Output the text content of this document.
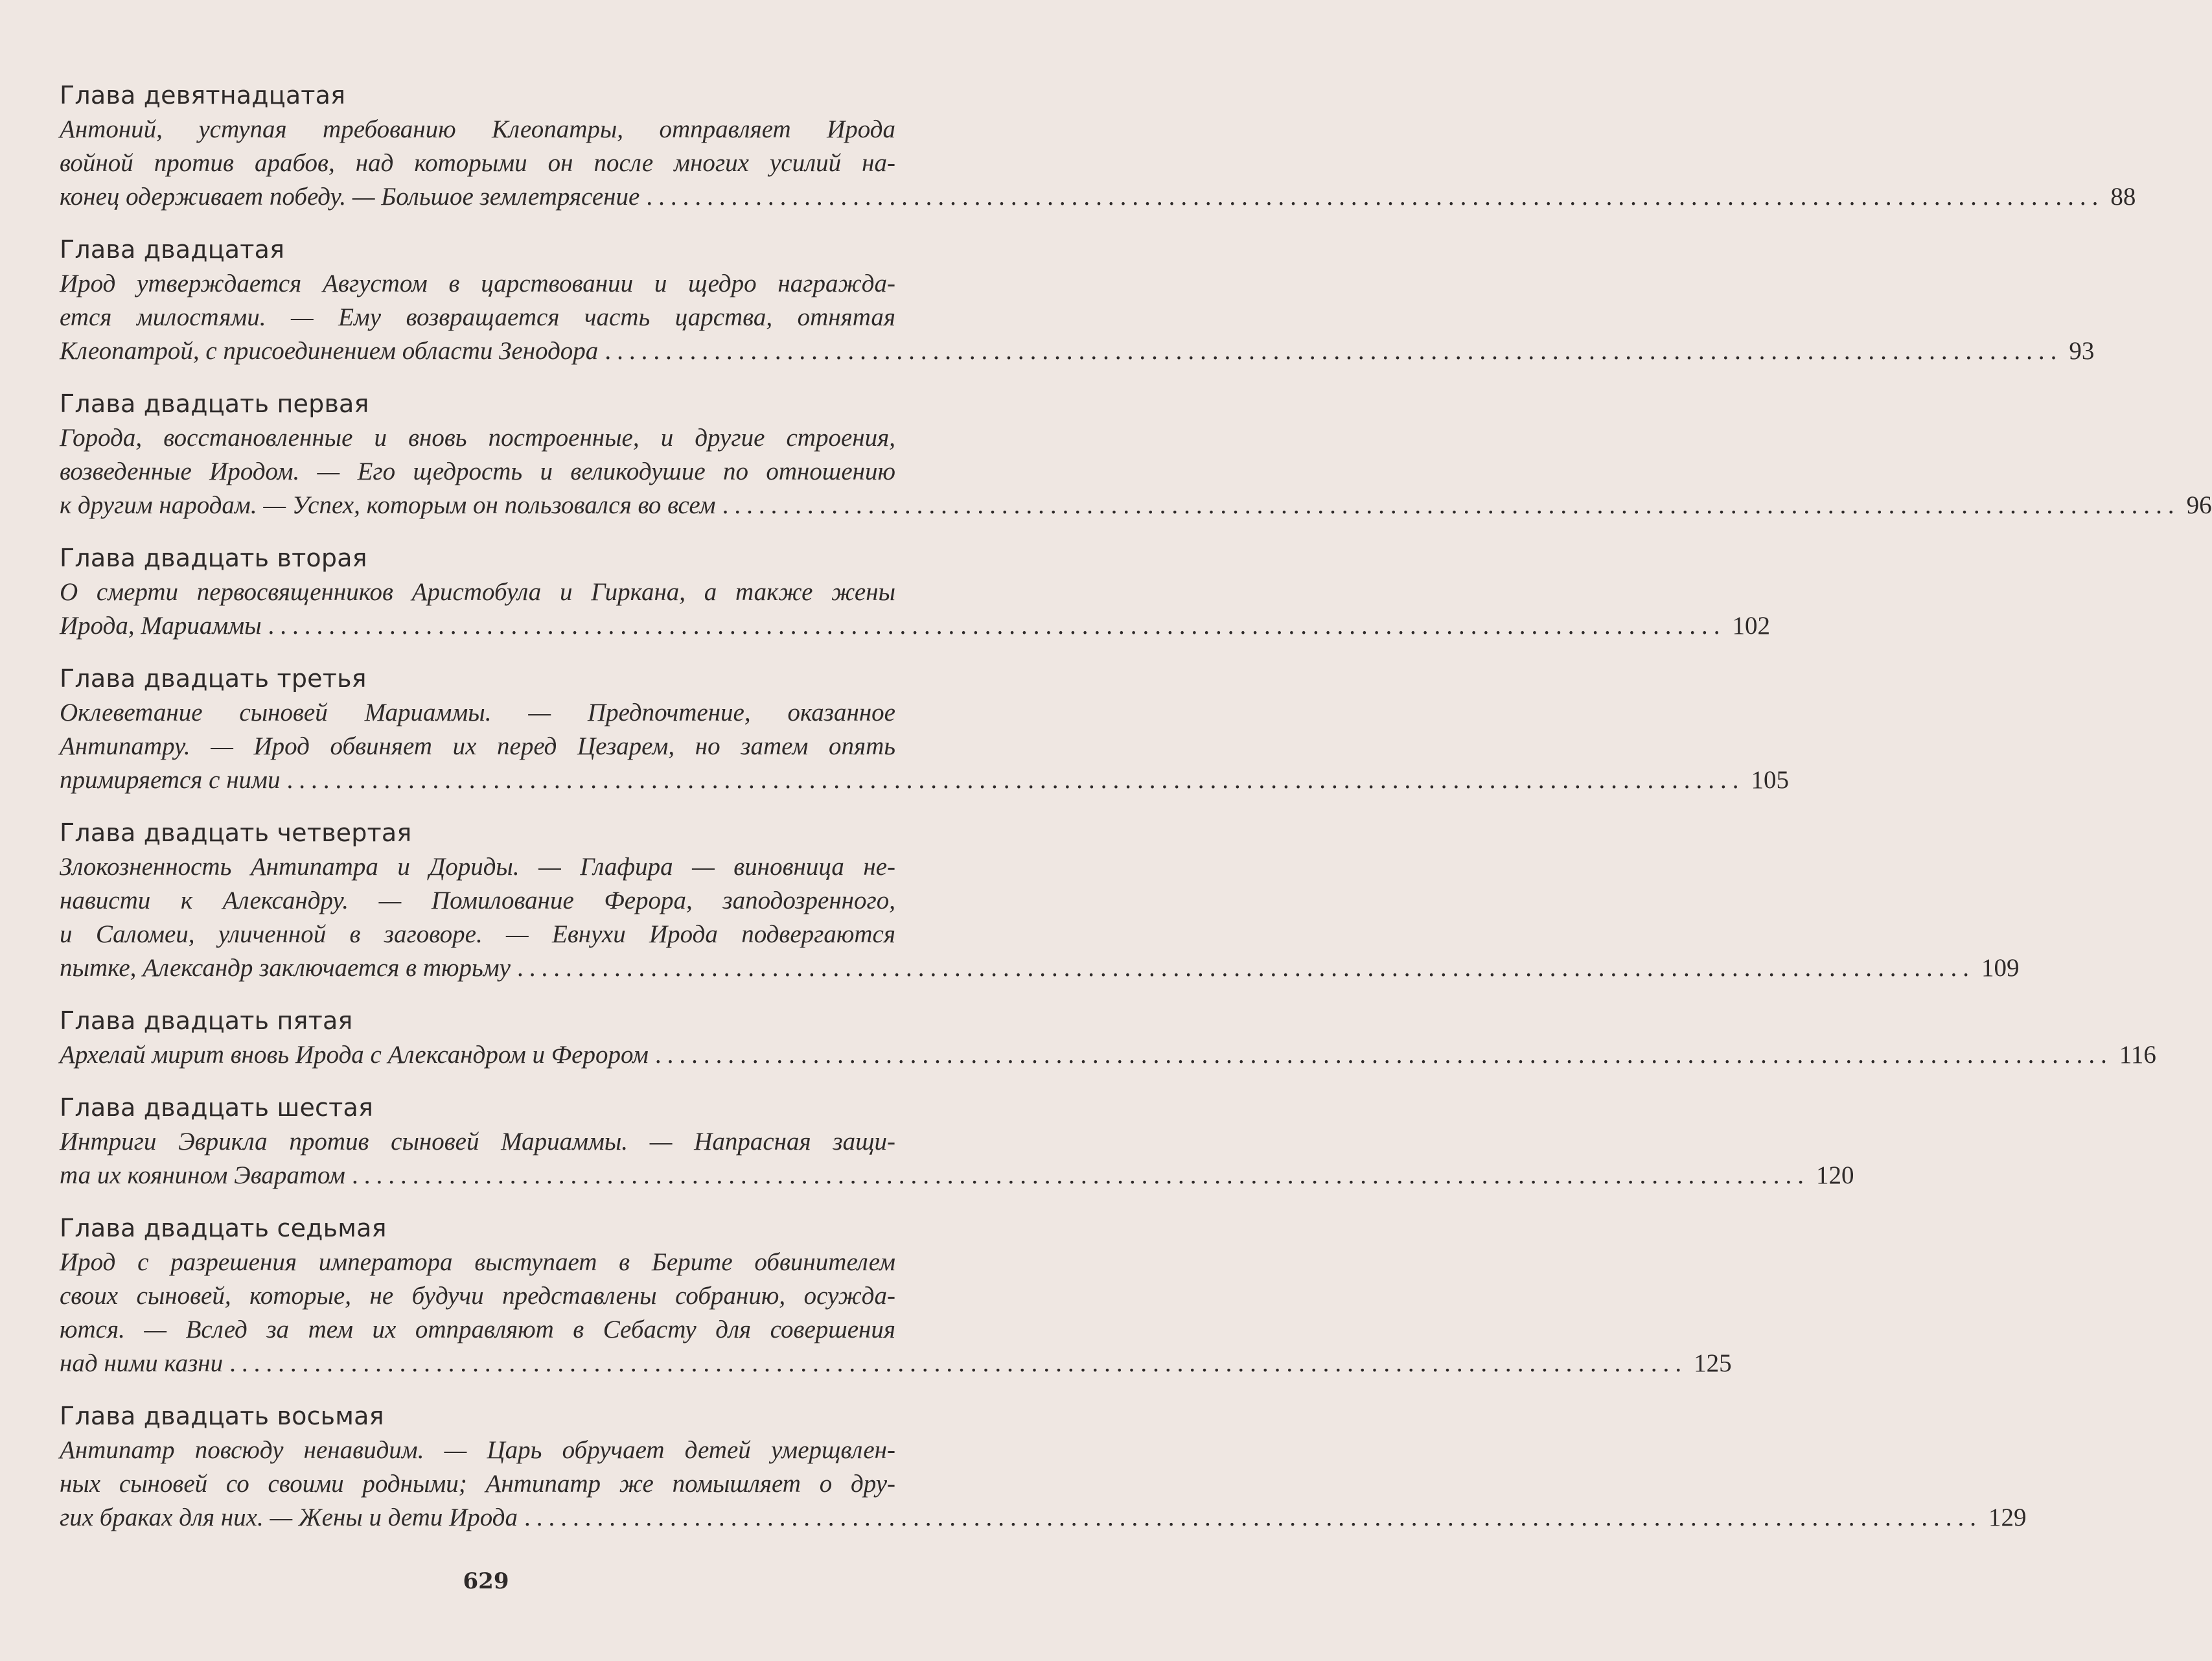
Глава девятнадцатая
Антоний, уступая требованию Клеопатры, отправляет Ирода
войной против арабов, над которыми он после многих усилий на-
конец одерживает победу. — Большое землетрясение ........................................................................................................................ 88
Глава двадцатая
Ирод утверждается Августом в царствовании и щедро награжда-
ется милостями. — Ему возвращается часть царства, отнятая
Клеопатрой, с присоединением области Зенодора ........................................................................................................................ 93
Глава двадцать первая
Города, восстановленные и вновь построенные, и другие строения,
возведенные Иродом. — Его щедрость и великодушие по отношению
к другим народам. — Успех, которым он пользовался во всем ........................................................................................................................ 96
Глава двадцать вторая
О смерти первосвященников Аристобула и Гиркана, а также жены
Ирода, Мариаммы ........................................................................................................................ 102
Глава двадцать третья
Оклеветание сыновей Мариаммы. — Предпочтение, оказанное
Антипатру. — Ирод обвиняет их перед Цезарем, но затем опять
примиряется с ними ........................................................................................................................ 105
Глава двадцать четвертая
Злокозненность Антипатра и Дориды. — Глафира — виновница не-
нависти к Александру. — Помилование Ферора, заподозренного,
и Саломеи, уличенной в заговоре. — Евнухи Ирода подвергаются
пытке, Александр заключается в тюрьму ........................................................................................................................ 109
Глава двадцать пятая
Архелай мирит вновь Ирода с Александром и Ферором ........................................................................................................................ 116
Глава двадцать шестая
Интриги Эврикла против сыновей Мариаммы. — Напрасная защи-
та их коянином Эваратом ........................................................................................................................ 120
Глава двадцать седьмая
Ирод с разрешения императора выступает в Берите обвинителем
своих сыновей, которые, не будучи представлены собранию, осужда-
ются. — Вслед за тем их отправляют в Себасту для совершения
над ними казни ........................................................................................................................ 125
Глава двадцать восьмая
Антипатр повсюду ненавидим. — Царь обручает детей умерщвлен-
ных сыновей со своими родными; Антипатр же помышляет о дру-
гих браках для них. — Жены и дети Ирода ........................................................................................................................ 129
629
